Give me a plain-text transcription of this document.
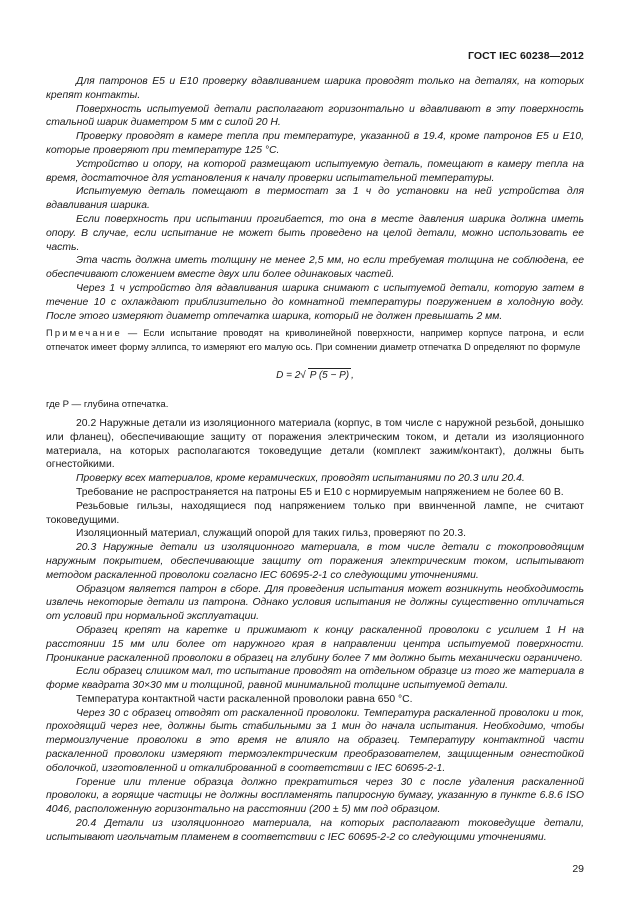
ГОСТ IEC 60238—2012

Для патронов Е5 и Е10 проверку вдавливанием шарика проводят только на деталях, на которых крепят контакты.

Поверхность испытуемой детали располагают горизонтально и вдавливают в эту поверхность стальной шарик диаметром 5 мм с силой 20 Н.

Проверку проводят в камере тепла при температуре, указанной в 19.4, кроме патронов Е5 и Е10, которые проверяют при температуре 125 °С.

Устройство и опору, на которой размещают испытуемую деталь, помещают в камеру тепла на время, достаточное для установления к началу проверки испытательной температуры.

Испытуемую деталь помещают в термостат за 1 ч до установки на ней устройства для вдавливания шарика.

Если поверхность при испытании прогибается, то она в месте давления шарика должна иметь опору. В случае, если испытание не может быть проведено на целой детали, можно использовать ее часть.

Эта часть должна иметь толщину не менее 2,5 мм, но если требуемая толщина не соблюдена, ее обеспечивают сложением вместе двух или более одинаковых частей.

Через 1 ч устройство для вдавливания шарика снимают с испытуемой детали, которую затем в течение 10 с охлаждают приблизительно до комнатной температуры погружением в холодную воду. После этого измеряют диаметр отпечатка шарика, который не должен превышать 2 мм.

Примечание — Если испытание проводят на криволинейной поверхности, например корпусе патрона, и если отпечаток имеет форму эллипса, то измеряют его малую ось. При сомнении диаметр отпечатка D определяют по формуле

D = 2√ P (5 − P) ,

где P — глубина отпечатка.

20.2 Наружные детали из изоляционного материала (корпус, в том числе с наружной резьбой, донышко или фланец), обеспечивающие защиту от поражения электрическим током, и детали из изоляционного материала, на которых располагаются токоведущие детали (комплект зажим/контакт), должны быть огнестойкими.

Проверку всех материалов, кроме керамических, проводят испытаниями по 20.3 или 20.4.

Требование не распространяется на патроны Е5 и Е10 с нормируемым напряжением не более 60 В.

Резьбовые гильзы, находящиеся под напряжением только при ввинченной лампе, не считают токоведущими.

Изоляционный материал, служащий опорой для таких гильз, проверяют по 20.3.

20.3 Наружные детали из изоляционного материала, в том числе детали с токопроводящим наружным покрытием, обеспечивающие защиту от поражения электрическим током, испытывают методом раскаленной проволоки согласно IEC 60695-2-1 со следующими уточнениями.

Образцом является патрон в сборе. Для проведения испытания может возникнуть необходимость извлечь некоторые детали из патрона. Однако условия испытания не должны существенно отличаться от условий при нормальной эксплуатации.

Образец крепят на каретке и прижимают к концу раскаленной проволоки с усилием 1 Н на расстоянии 15 мм или более от наружного края в направлении центра испытуемой поверхности. Проникание раскаленной проволоки в образец на глубину более 7 мм должно быть механически ограничено.

Если образец слишком мал, то испытание проводят на отдельном образце из того же материала в форме квадрата 30×30 мм и толщиной, равной минимальной толщине испытуемой детали.

Температура контактной части раскаленной проволоки равна 650 °С.

Через 30 с образец отводят от раскаленной проволоки. Температура раскаленной проволоки и ток, проходящий через нее, должны быть стабильными за 1 мин до начала испытания. Необходимо, чтобы термоизлучение проволоки в это время не влияло на образец. Температуру контактной части раскаленной проволоки измеряют термоэлектрическим преобразователем, защищенным огнестойкой оболочкой, изготовленной и откалиброванной в соответствии с IEC 60695-2-1.

Горение или тление образца должно прекратиться через 30 с после удаления раскаленной проволоки, а горящие частицы не должны воспламенять папиросную бумагу, указанную в пункте 6.8.6 ISO 4046, расположенную горизонтально на расстоянии (200 ± 5) мм под образцом.

20.4 Детали из изоляционного материала, на которых располагают токоведущие детали, испытывают игольчатым пламенем в соответствии с IEC 60695-2-2 со следующими уточнениями.

29
